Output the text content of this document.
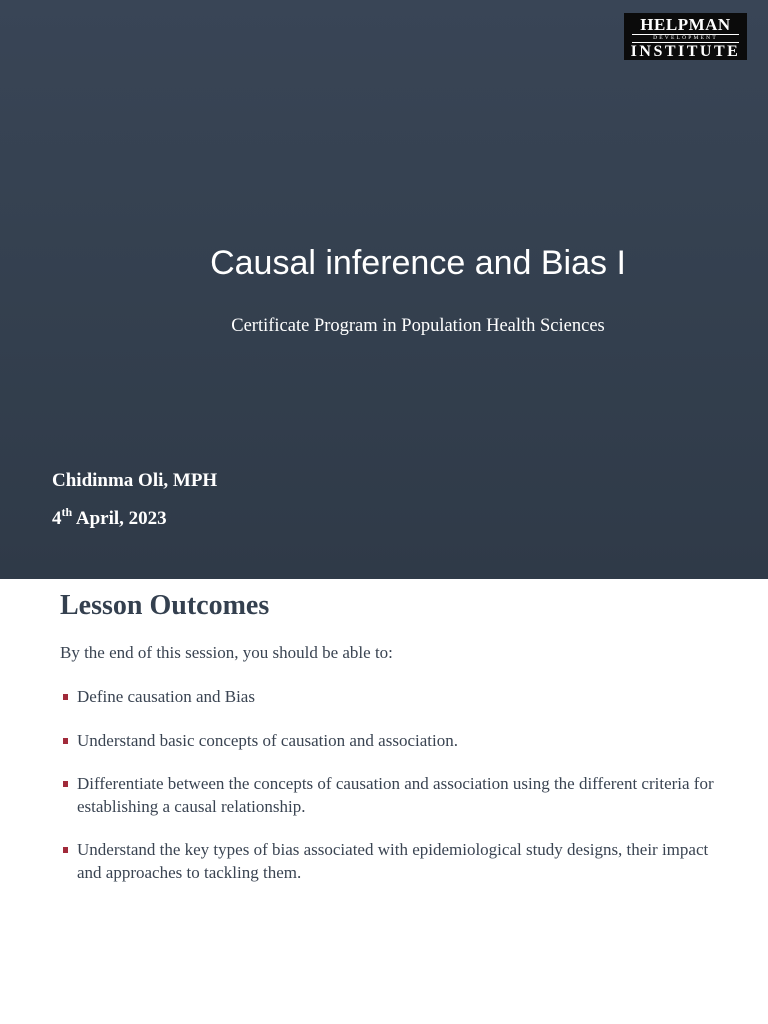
HELPMAN
DEVELOPMENT
INSTITUTE
Causal inference and Bias I

Certificate Program in Population Health Sciences

Chidinma Oli, MPH
4th April, 2023
Lesson Outcomes

By the end of this session, you should be able to:

Define causation and Bias
Understand basic concepts of causation and association.
Differentiate between the concepts of causation and association using the different criteria for establishing a causal relationship.
Understand the key types of bias associated with epidemiological study designs, their impact and approaches to tackling them.
